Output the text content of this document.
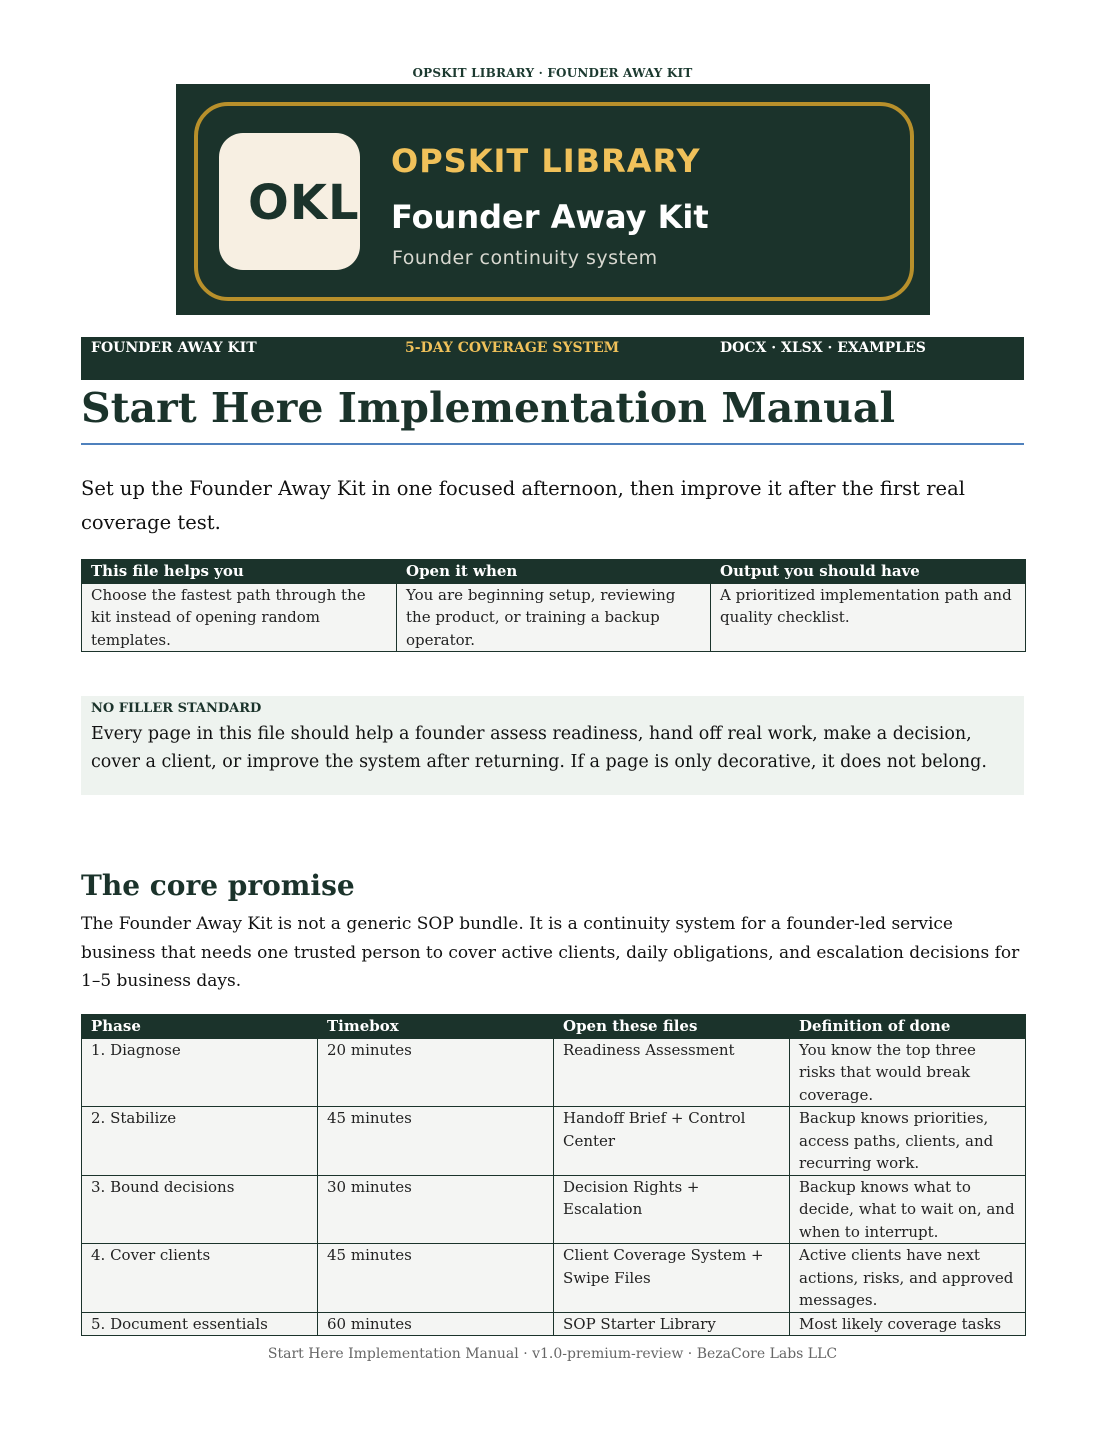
OPSKIT LIBRARY · FOUNDER AWAY KIT
OKL
OPSKIT LIBRARY
Founder Away Kit
Founder continuity system
FOUNDER AWAY KIT	5-DAY COVERAGE SYSTEM	DOCX · XLSX · EXAMPLES
Start Here Implementation Manual

Set up the Founder Away Kit in one focused afternoon, then improve it after the first real coverage test.

This file helps you	Open it when	Output you should have
Choose the fastest path through the kit instead of opening random templates.	You are beginning setup, reviewing the product, or training a backup operator.	A prioritized implementation path and quality checklist.
NO FILLER STANDARD
Every page in this file should help a founder assess readiness, hand off real work, make a decision, cover a client, or improve the system after returning. If a page is only decorative, it does not belong.
The core promise

The Founder Away Kit is not a generic SOP bundle. It is a continuity system for a founder-led service business that needs one trusted person to cover active clients, daily obligations, and escalation decisions for 1–5 business days.

Phase	Timebox	Open these files	Definition of done
1. Diagnose	20 minutes	Readiness Assessment	You know the top three risks that would break coverage.
2. Stabilize	45 minutes	Handoff Brief + Control Center	Backup knows priorities, access paths, clients, and recurring work.
3. Bound decisions	30 minutes	Decision Rights + Escalation	Backup knows what to decide, what to wait on, and when to interrupt.
4. Cover clients	45 minutes	Client Coverage System + Swipe Files	Active clients have next actions, risks, and approved messages.
5. Document essentials	60 minutes	SOP Starter Library	Most likely coverage tasks
Start Here Implementation Manual · v1.0-premium-review · BezaCore Labs LLC
